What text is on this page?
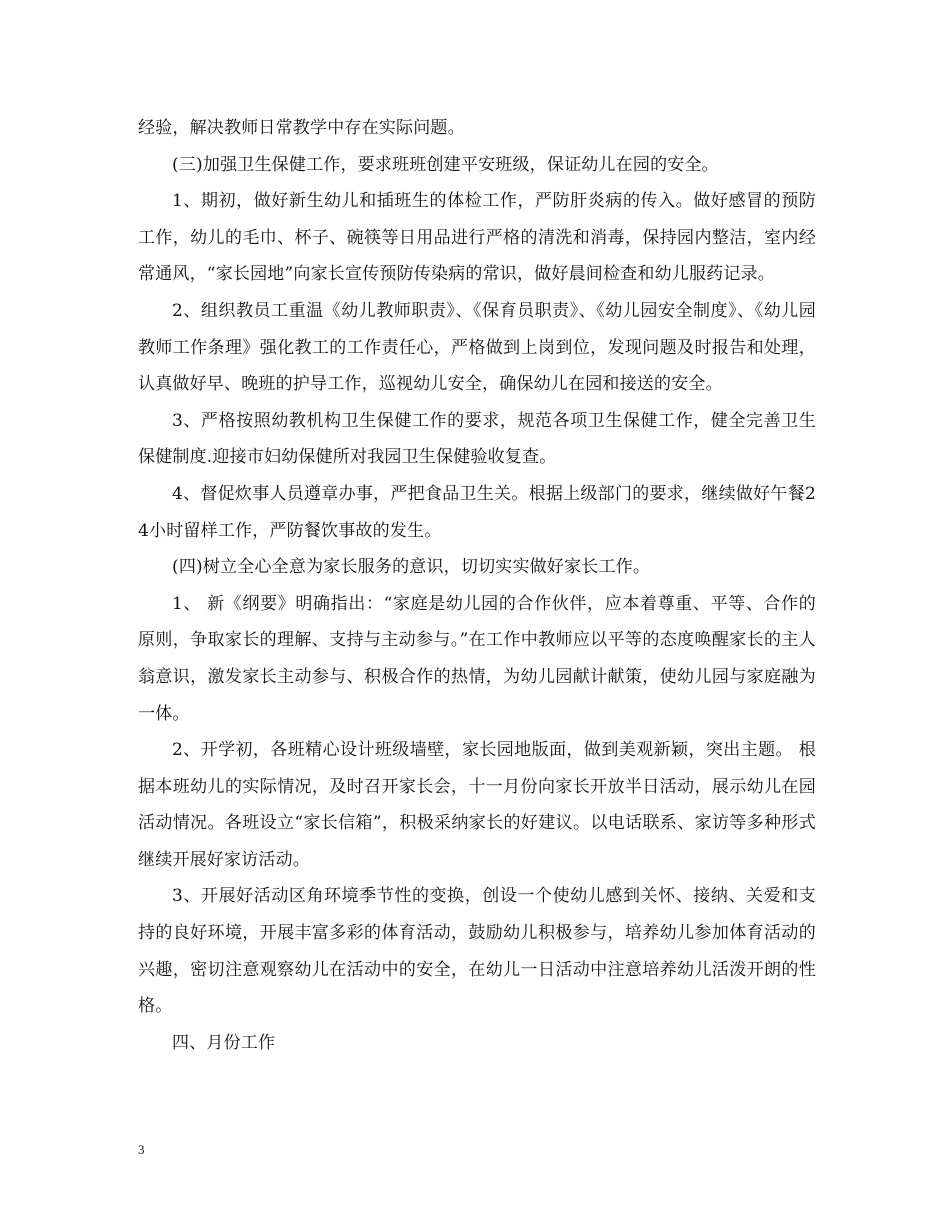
经验，解决教师日常教学中存在实际问题。

(三)加强卫生保健工作，要求班班创建平安班级，保证幼儿在园的安全。

1、期初，做好新生幼儿和插班生的体检工作，严防肝炎病的传入。做好感冒的预防工作，幼儿的毛巾、杯子、碗筷等日用品进行严格的清洗和消毒，保持园内整洁，室内经常通风，“家长园地”向家长宣传预防传染病的常识，做好晨间检查和幼儿服药记录。

2、组织教员工重温《幼儿教师职责》、《保育员职责》、《幼儿园安全制度》、《幼儿园教师工作条理》强化教工的工作责任心，严格做到上岗到位，发现问题及时报告和处理，认真做好早、晚班的护导工作，巡视幼儿安全，确保幼儿在园和接送的安全。

3、严格按照幼教机构卫生保健工作的要求，规范各项卫生保健工作，健全完善卫生保健制度.迎接市妇幼保健所对我园卫生保健验收复查。

4、督促炊事人员遵章办事，严把食品卫生关。根据上级部门的要求，继续做好午餐24小时留样工作，严防餐饮事故的发生。

(四)树立全心全意为家长服务的意识，切切实实做好家长工作。

1、 新《纲要》明确指出：“家庭是幼儿园的合作伙伴，应本着尊重、平等、合作的原则，争取家长的理解、支持与主动参与。”在工作中教师应以平等的态度唤醒家长的主人翁意识，激发家长主动参与、积极合作的热情，为幼儿园献计献策，使幼儿园与家庭融为一体。

2、开学初，各班精心设计班级墙壁，家长园地版面，做到美观新颖，突出主题。 根据本班幼儿的实际情况，及时召开家长会，十一月份向家长开放半日活动，展示幼儿在园活动情况。各班设立“家长信箱”，积极采纳家长的好建议。以电话联系、家访等多种形式继续开展好家访活动。

3、开展好活动区角环境季节性的变换，创设一个使幼儿感到关怀、接纳、关爱和支持的良好环境，开展丰富多彩的体育活动，鼓励幼儿积极参与，培养幼儿参加体育活动的兴趣，密切注意观察幼儿在活动中的安全，在幼儿一日活动中注意培养幼儿活泼开朗的性格。

四、月份工作

3
